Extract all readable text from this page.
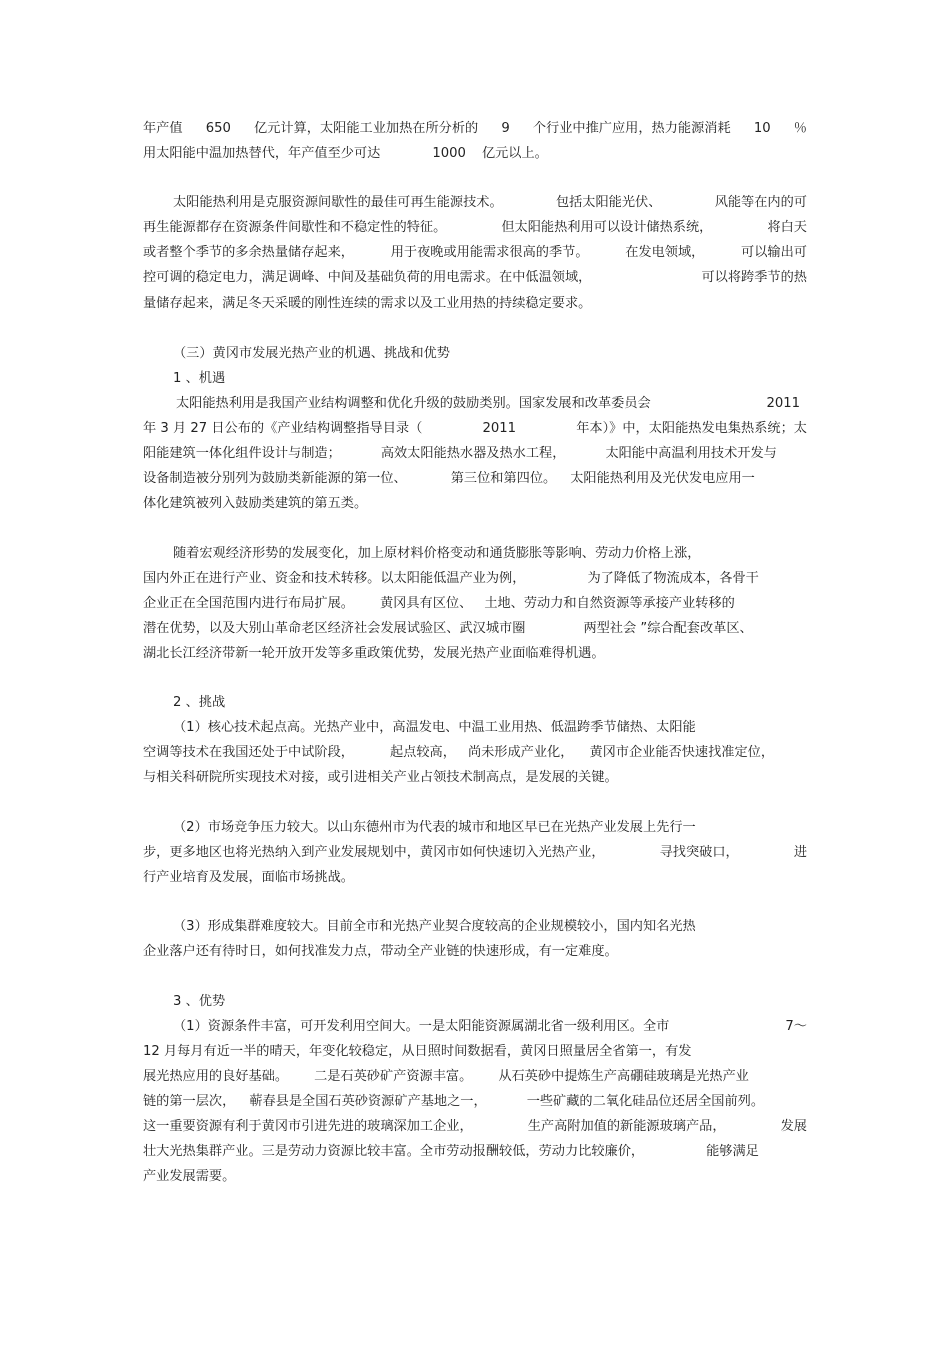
年产值 650 亿元计算，太阳能工业加热在所分析的 9 个行业中推广应用，热力能源消耗 10 ％
用太阳能中温加热替代，年产值至少可达	1000 亿元以上。
太阳能热利用是克服资源间歇性的最佳可再生能源技术。	包括太阳能光伏、	风能等在内的可
再生能源都存在资源条件间歇性和不稳定性的特征。	但太阳能热利用可以设计储热系统，	将白天
或者整个季节的多余热量储存起来，	用于夜晚或用能需求很高的季节。	在发电领域，	可以输出可
控可调的稳定电力，满足调峰、中间及基础负荷的用电需求。在中低温领域，	可以将跨季节的热
量储存起来，满足冬天采暖的刚性连续的需求以及工业用热的持续稳定要求。
（三）黄冈市发展光热产业的机遇、挑战和优势
1 、机遇
太阳能热利用是我国产业结构调整和优化升级的鼓励类别。国家发展和改革委员会	2011
年 3 月 27 日公布的《产业结构调整指导目录（	2011	年本）》中，太阳能热发电集热系统；太
阳能建筑一体化组件设计与制造；	高效太阳能热水器及热水工程，	太阳能中高温利用技术开发与
设备制造被分别列为鼓励类新能源的第一位、	第三位和第四位。 太阳能热利用及光伏发电应用一
体化建筑被列入鼓励类建筑的第五类。
随着宏观经济形势的发展变化，加上原材料价格变动和通货膨胀等影响、劳动力价格上涨，
国内外正在进行产业、资金和技术转移。以太阳能低温产业为例，	为了降低了物流成本，各骨干
企业正在全国范围内进行布局扩展。 黄冈具有区位、 土地、劳动力和自然资源等承接产业转移的
潜在优势，以及大别山革命老区经济社会发展试验区、武汉城市圈	两型社会 ”综合配套改革区、
湖北长江经济带新一轮开放开发等多重政策优势，发展光热产业面临难得机遇。
2 、挑战
（1）核心技术起点高。光热产业中，高温发电、中温工业用热、低温跨季节储热、太阳能
空调等技术在我国还处于中试阶段，	起点较高， 尚未形成产业化， 黄冈市企业能否快速找准定位，
与相关科研院所实现技术对接，或引进相关产业占领技术制高点，是发展的关键。
（2）市场竞争压力较大。以山东德州市为代表的城市和地区早已在光热产业发展上先行一
步，更多地区也将光热纳入到产业发展规划中，黄冈市如何快速切入光热产业，	寻找突破口，	进
行产业培育及发展，面临市场挑战。
（3）形成集群难度较大。目前全市和光热产业契合度较高的企业规模较小，国内知名光热
企业落户还有待时日，如何找准发力点，带动全产业链的快速形成，有一定难度。
3 、优势
（1）资源条件丰富，可开发利用空间大。一是太阳能资源属湖北省一级利用区。全市	7～
12 月每月有近一半的晴天，年变化较稳定，从日照时间数据看，黄冈日照量居全省第一，有发
展光热应用的良好基础。 二是石英砂矿产资源丰富。 从石英砂中提炼生产高硼硅玻璃是光热产业
链的第一层次， 蕲春县是全国石英砂资源矿产基地之一，	一些矿藏的二氧化硅品位还居全国前列。
这一重要资源有利于黄冈市引进先进的玻璃深加工企业，	生产高附加值的新能源玻璃产品，	发展
壮大光热集群产业。三是劳动力资源比较丰富。全市劳动报酬较低，劳动力比较廉价，	能够满足
产业发展需要。
